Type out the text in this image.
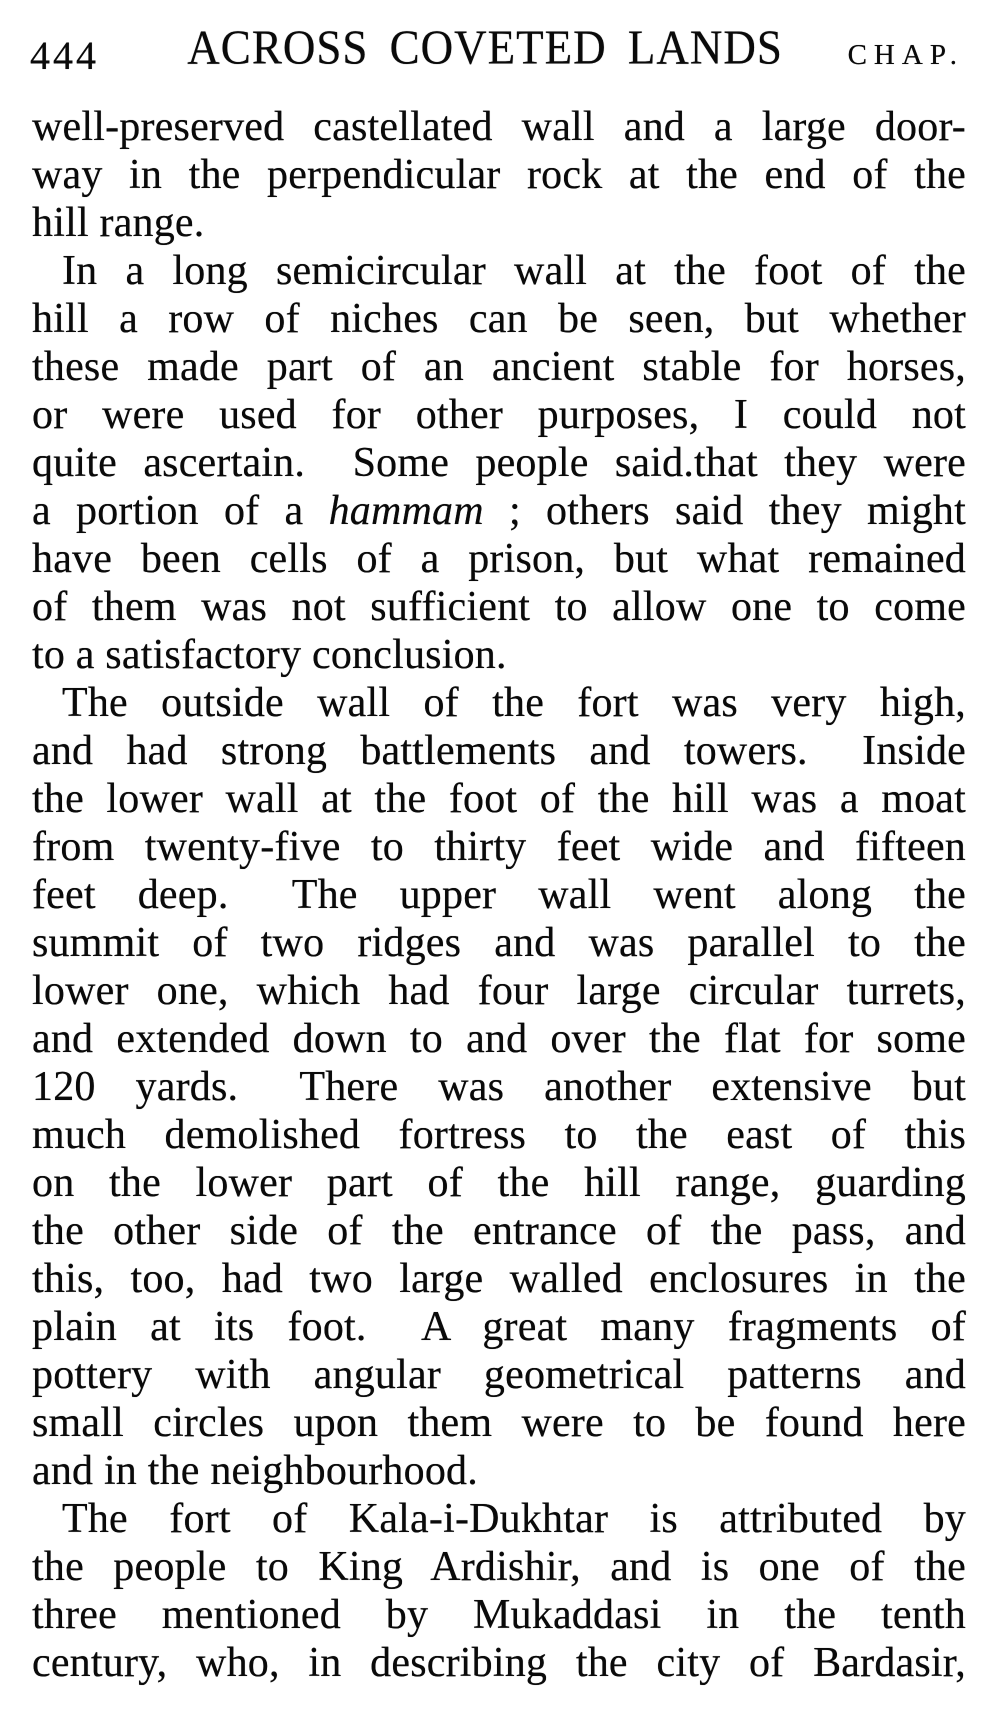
444 ACROSS COVETED LANDS CHAP.
well-preserved castellated wall and a large door-
way in the perpendicular rock at the end of the
hill range.
In a long semicircular wall at the foot of the
hill a row of niches can be seen, but whether
these made part of an ancient stable for horses,
or were used for other purposes, I could not
quite ascertain.  Some people said.that they were
a portion of a hammam ; others said they might
have been cells of a prison, but what remained
of them was not sufficient to allow one to come
to a satisfactory conclusion.
The outside wall of the fort was very high,
and had strong battlements and towers.  Inside
the lower wall at the foot of the hill was a moat
from twenty-five to thirty feet wide and fifteen
feet deep.  The upper wall went along the
summit of two ridges and was parallel to the
lower one, which had four large circular turrets,
and extended down to and over the flat for some
120 yards.  There was another extensive but
much demolished fortress to the east of this
on the lower part of the hill range, guarding
the other side of the entrance of the pass, and
this, too, had two large walled enclosures in the
plain at its foot.  A great many fragments of
pottery with angular geometrical patterns and
small circles upon them were to be found here
and in the neighbourhood.
The fort of Kala-i-Dukhtar is attributed by
the people to King Ardishir, and is one of the
three mentioned by Mukaddasi in the tenth
century, who, in describing the city of Bardasir,
